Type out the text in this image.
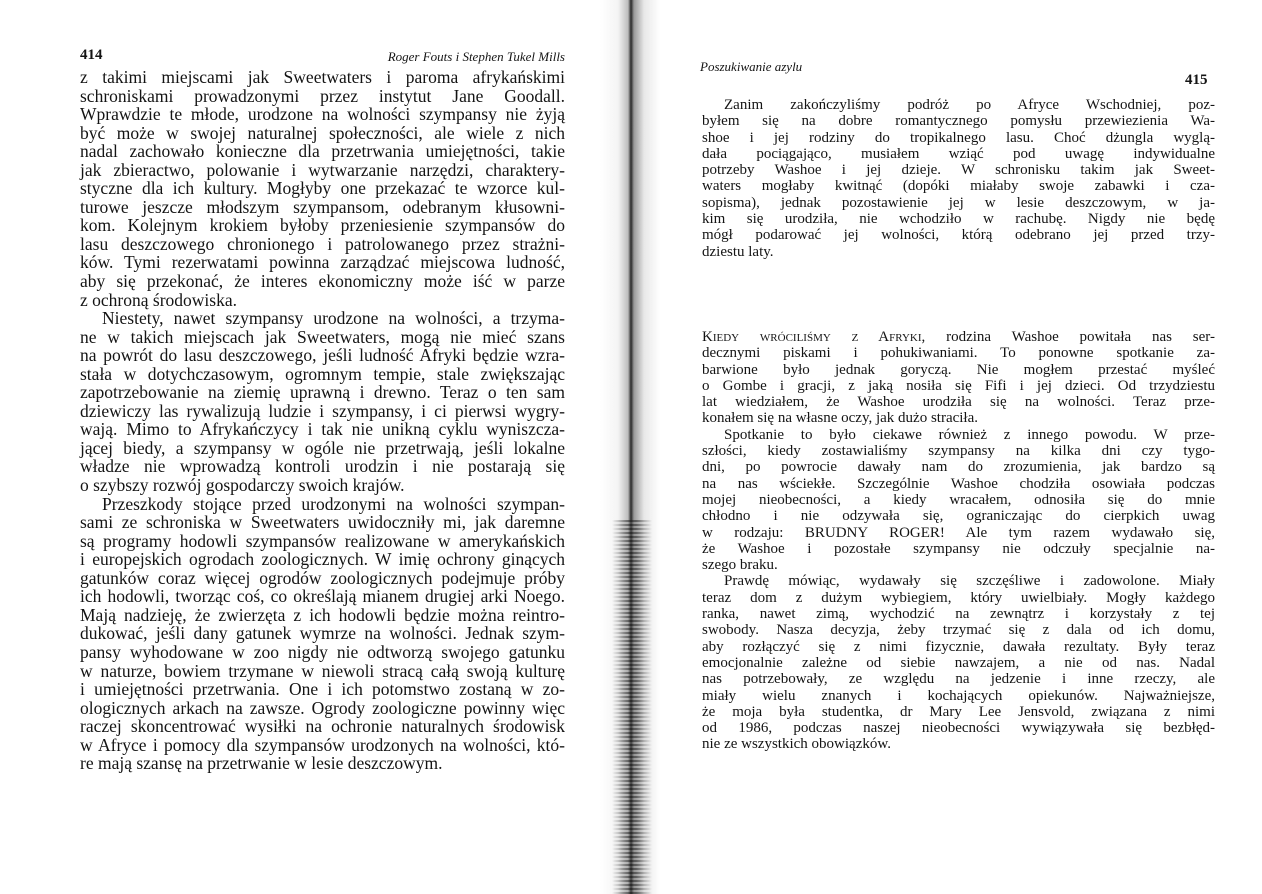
414	Roger Fouts i Stephen Tukel Mills
Poszukiwanie azylu
415
z takimi miejscami jak Sweetwaters i paroma afrykańskimi
schroniskami prowadzonymi przez instytut Jane Goodall.
Wprawdzie te młode, urodzone na wolności szympansy nie żyją
być może w swojej naturalnej społeczności, ale wiele z nich
nadal zachowało konieczne dla przetrwania umiejętności, takie
jak zbieractwo, polowanie i wytwarzanie narzędzi, charaktery-
styczne dla ich kultury. Mogłyby one przekazać te wzorce kul-
turowe jeszcze młodszym szympansom, odebranym kłusowni-
kom. Kolejnym krokiem byłoby przeniesienie szympansów do
lasu deszczowego chronionego i patrolowanego przez strażni-
ków. Tymi rezerwatami powinna zarządzać miejscowa ludność,
aby się przekonać, że interes ekonomiczny może iść w parze
z ochroną środowiska.
Niestety, nawet szympansy urodzone na wolności, a trzyma-
ne w takich miejscach jak Sweetwaters, mogą nie mieć szans
na powrót do lasu deszczowego, jeśli ludność Afryki będzie wzra-
stała w dotychczasowym, ogromnym tempie, stale zwiększając
zapotrzebowanie na ziemię uprawną i drewno. Teraz o ten sam
dziewiczy las rywalizują ludzie i szympansy, i ci pierwsi wygry-
wają. Mimo to Afrykańczycy i tak nie unikną cyklu wyniszcza-
jącej biedy, a szympansy w ogóle nie przetrwają, jeśli lokalne
władze nie wprowadzą kontroli urodzin i nie postarają się
o szybszy rozwój gospodarczy swoich krajów.
Przeszkody stojące przed urodzonymi na wolności szympan-
sami ze schroniska w Sweetwaters uwidoczniły mi, jak daremne
są programy hodowli szympansów realizowane w amerykańskich
i europejskich ogrodach zoologicznych. W imię ochrony ginących
gatunków coraz więcej ogrodów zoologicznych podejmuje próby
ich hodowli, tworząc coś, co określają mianem drugiej arki Noego.
Mają nadzieję, że zwierzęta z ich hodowli będzie można reintro-
dukować, jeśli dany gatunek wymrze na wolności. Jednak szym-
pansy wyhodowane w zoo nigdy nie odtworzą swojego gatunku
w naturze, bowiem trzymane w niewoli stracą całą swoją kulturę
i umiejętności przetrwania. One i ich potomstwo zostaną w zo-
ologicznych arkach na zawsze. Ogrody zoologiczne powinny więc
raczej skoncentrować wysiłki na ochronie naturalnych środowisk
w Afryce i pomocy dla szympansów urodzonych na wolności, któ-
re mają szansę na przetrwanie w lesie deszczowym.
Zanim zakończyliśmy podróż po Afryce Wschodniej, poz-
byłem się na dobre romantycznego pomysłu przewiezienia Wa-
shoe i jej rodziny do tropikalnego lasu. Choć dżungla wyglą-
dała pociągająco, musiałem wziąć pod uwagę indywidualne
potrzeby Washoe i jej dzieje. W schronisku takim jak Sweet-
waters mogłaby kwitnąć (dopóki miałaby swoje zabawki i cza-
sopisma), jednak pozostawienie jej w lesie deszczowym, w ja-
kim się urodziła, nie wchodziło w rachubę. Nigdy nie będę
mógł podarować jej wolności, którą odebrano jej przed trzy-
dziestu laty.
Kiedy wróciliśmy z Afryki, rodzina Washoe powitała nas ser-
decznymi piskami i pohukiwaniami. To ponowne spotkanie za-
barwione było jednak goryczą. Nie mogłem przestać myśleć
o Gombe i gracji, z jaką nosiła się Fifi i jej dzieci. Od trzydziestu
lat wiedziałem, że Washoe urodziła się na wolności. Teraz prze-
konałem się na własne oczy, jak dużo straciła.
Spotkanie to było ciekawe również z innego powodu. W prze-
szłości, kiedy zostawialiśmy szympansy na kilka dni czy tygo-
dni, po powrocie dawały nam do zrozumienia, jak bardzo są
na nas wściekłe. Szczególnie Washoe chodziła osowiała podczas
mojej nieobecności, a kiedy wracałem, odnosiła się do mnie
chłodno i nie odzywała się, ograniczając do cierpkich uwag
w rodzaju: BRUDNY ROGER! Ale tym razem wydawało się,
że Washoe i pozostałe szympansy nie odczuły specjalnie na-
szego braku.
Prawdę mówiąc, wydawały się szczęśliwe i zadowolone. Miały
teraz dom z dużym wybiegiem, który uwielbiały. Mogły każdego
ranka, nawet zimą, wychodzić na zewnątrz i korzystały z tej
swobody. Nasza decyzja, żeby trzymać się z dala od ich domu,
aby rozłączyć się z nimi fizycznie, dawała rezultaty. Były teraz
emocjonalnie zależne od siebie nawzajem, a nie od nas. Nadal
nas potrzebowały, ze względu na jedzenie i inne rzeczy, ale
miały wielu znanych i kochających opiekunów. Najważniejsze,
że moja była studentka, dr Mary Lee Jensvold, związana z nimi
od 1986, podczas naszej nieobecności wywiązywała się bezbłęd-
nie ze wszystkich obowiązków.
